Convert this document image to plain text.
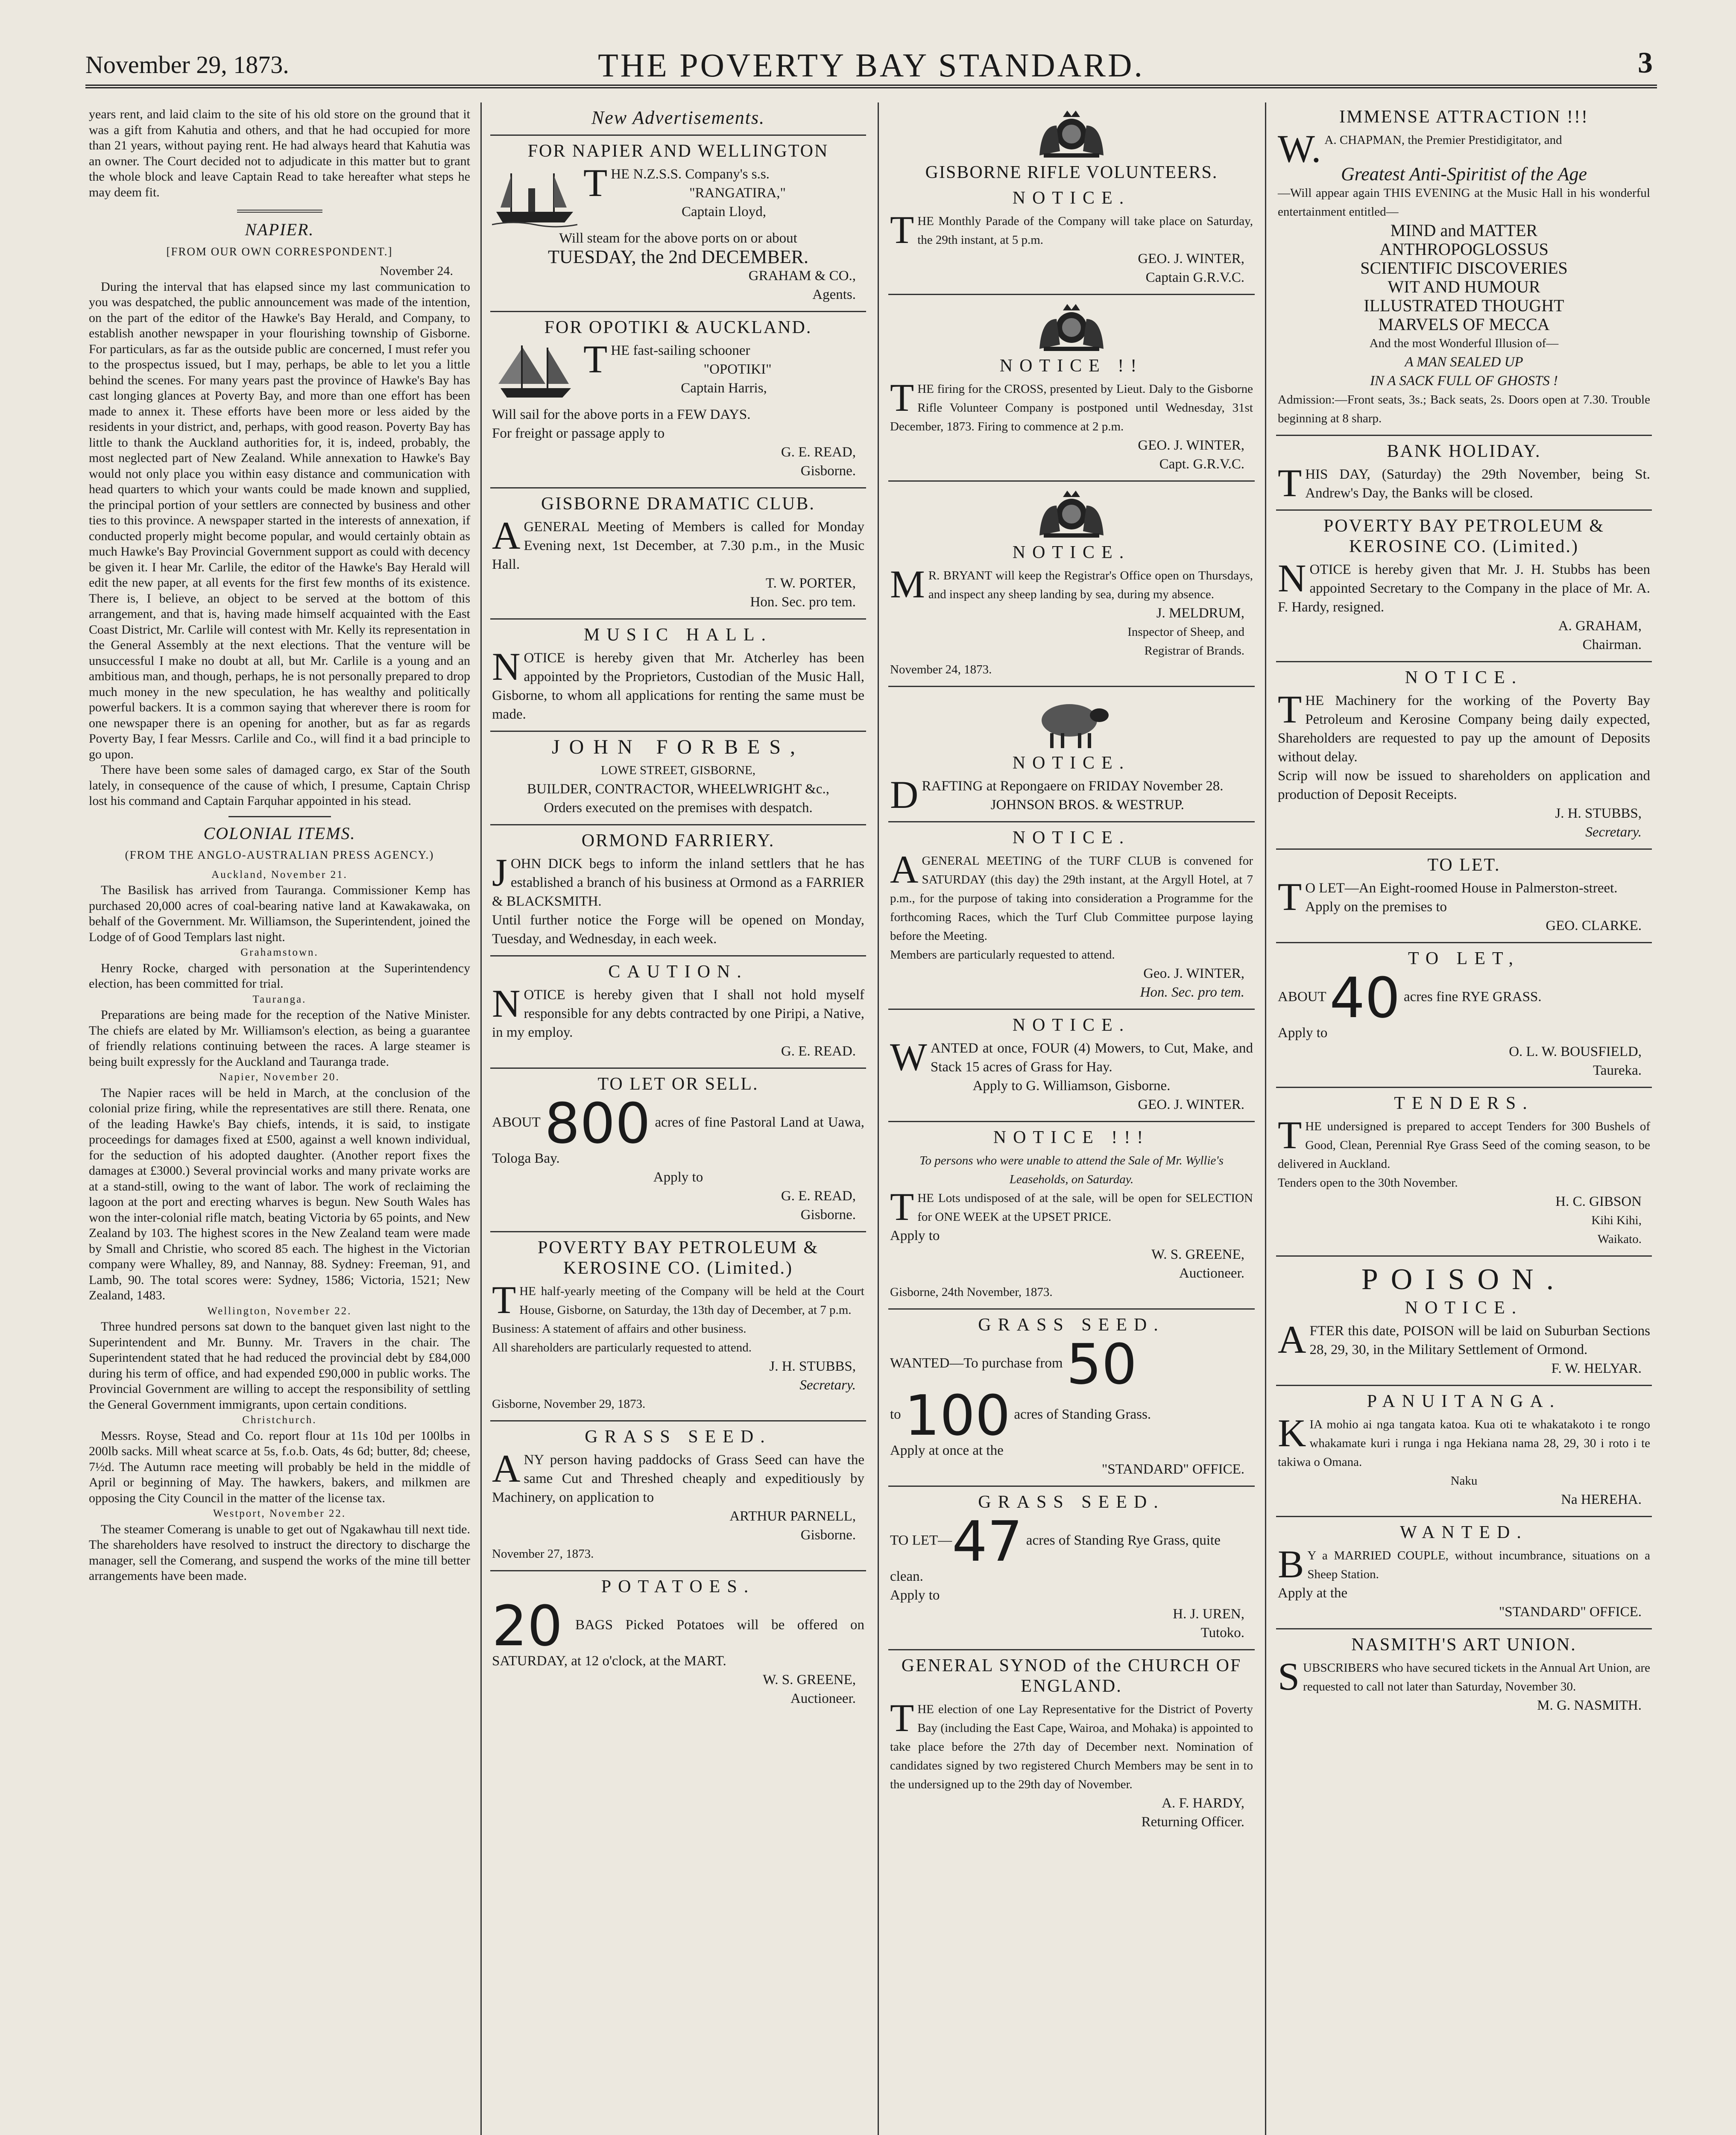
November 29, 1873.	THE POVERTY BAY STANDARD.	3

years rent, and laid claim to the site of his old store on the ground that it was a gift from Kahutia and others, and that he had occupied for more than 21 years, without paying rent. He had always heard that Kahutia was an owner. The Court decided not to adjudicate in this matter but to grant the whole block and leave Captain Read to take hereafter what steps he may deem fit.

NAPIER.
[FROM OUR OWN CORRESPONDENT.]
November 24.

During the interval that has elapsed since my last communication to you was despatched, the public announcement was made of the intention, on the part of the editor of the Hawke's Bay Herald, and Company, to establish another newspaper in your flourishing township of Gisborne. For particulars, as far as the outside public are concerned, I must refer you to the prospectus issued, but I may, perhaps, be able to let you a little behind the scenes. For many years past the province of Hawke's Bay has cast longing glances at Poverty Bay, and more than one effort has been made to annex it. These efforts have been more or less aided by the residents in your district, and, perhaps, with good reason. Poverty Bay has little to thank the Auckland authorities for, it is, indeed, probably, the most neglected part of New Zealand. While annexation to Hawke's Bay would not only place you within easy distance and communication with head quarters to which your wants could be made known and supplied, the principal portion of your settlers are connected by business and other ties to this province. A newspaper started in the interests of annexation, if conducted properly might become popular, and would certainly obtain as much Hawke's Bay Provincial Government support as could with decency be given it. I hear Mr. Carlile, the editor of the Hawke's Bay Herald will edit the new paper, at all events for the first few months of its existence. There is, I believe, an object to be served at the bottom of this arrangement, and that is, having made himself acquainted with the East Coast District, Mr. Carlile will contest with Mr. Kelly its representation in the General Assembly at the next elections. That the venture will be unsuccessful I make no doubt at all, but Mr. Carlile is a young and an ambitious man, and though, perhaps, he is not personally prepared to drop much money in the new speculation, he has wealthy and politically powerful backers. It is a common saying that wherever there is room for one newspaper there is an opening for another, but as far as regards Poverty Bay, I fear Messrs. Carlile and Co., will find it a bad principle to go upon.

There have been some sales of damaged cargo, ex Star of the South lately, in consequence of the cause of which, I presume, Captain Chrisp lost his command and Captain Farquhar appointed in his stead.

COLONIAL ITEMS.
(FROM THE ANGLO-AUSTRALIAN PRESS AGENCY.)
Auckland, November 21.

The Basilisk has arrived from Tauranga. Commissioner Kemp has purchased 20,000 acres of coal-bearing native land at Kawakawaka, on behalf of the Government. Mr. Williamson, the Superintendent, joined the Lodge of of Good Templars last night.

Grahamstown.

Henry Rocke, charged with personation at the Superintendency election, has been committed for trial.

Tauranga.

Preparations are being made for the reception of the Native Minister. The chiefs are elated by Mr. Williamson's election, as being a guarantee of friendly relations continuing between the races. A large steamer is being built expressly for the Auckland and Tauranga trade.

Napier, November 20.

The Napier races will be held in March, at the conclusion of the colonial prize firing, while the representatives are still there. Renata, one of the leading Hawke's Bay chiefs, intends, it is said, to instigate proceedings for damages fixed at £500, against a well known individual, for the seduction of his adopted daughter. (Another report fixes the damages at £3000.) Several provincial works and many private works are at a stand-still, owing to the want of labor. The work of reclaiming the lagoon at the port and erecting wharves is begun. New South Wales has won the inter-colonial rifle match, beating Victoria by 65 points, and New Zealand by 103. The highest scores in the New Zealand team were made by Small and Christie, who scored 85 each. The highest in the Victorian company were Whalley, 89, and Nannay, 88. Sydney: Freeman, 91, and Lamb, 90. The total scores were: Sydney, 1586; Victoria, 1521; New Zealand, 1483.

Wellington, November 22.

Three hundred persons sat down to the banquet given last night to the Superintendent and Mr. Bunny. Mr. Travers in the chair. The Superintendent stated that he had reduced the provincial debt by £84,000 during his term of office, and had expended £90,000 in public works. The Provincial Government are willing to accept the responsibility of settling the General Government immigrants, upon certain conditions.

Christchurch.

Messrs. Royse, Stead and Co. report flour at 11s 10d per 100lbs in 200lb sacks. Mill wheat scarce at 5s, f.o.b. Oats, 4s 6d; butter, 8d; cheese, 7½d. The Autumn race meeting will probably be held in the middle of April or beginning of May. The hawkers, bakers, and milkmen are opposing the City Council in the matter of the license tax.

Westport, November 22.

The steamer Comerang is unable to get out of Ngakawhau till next tide. The shareholders have resolved to instruct the directory to discharge the manager, sell the Comerang, and suspend the works of the mine till better arrangements have been made.

New Advertisements.
FOR NAPIER AND WELLINGTON
THE N.Z.S.S. Company's s.s.
"RANGATIRA,"
Captain Lloyd,
Will steam for the above ports on or about
TUESDAY, the 2nd DECEMBER.
GRAHAM & CO.,
Agents.
FOR OPOTIKI & AUCKLAND.
THE fast-sailing schooner
"OPOTIKI"
Captain Harris,
Will sail for the above ports in a FEW DAYS.
For freight or passage apply to
G. E. READ,
Gisborne.
GISBORNE DRAMATIC CLUB.
AGENERAL Meeting of Members is called for Monday Evening next, 1st December, at 7.30 p.m., in the Music Hall.
T. W. PORTER,
Hon. Sec. pro tem.
MUSIC HALL.
NOTICE is hereby given that Mr. Atcherley has been appointed by the Proprietors, Custodian of the Music Hall, Gisborne, to whom all applications for renting the same must be made.
JOHN FORBES,
LOWE STREET, GISBORNE,
BUILDER, CONTRACTOR, WHEELWRIGHT &c.,
Orders executed on the premises with despatch.
ORMOND FARRIERY.
JOHN DICK begs to inform the inland settlers that he has established a branch of his business at Ormond as a FARRIER & BLACKSMITH.
Until further notice the Forge will be opened on Monday, Tuesday, and Wednesday, in each week.
CAUTION.
NOTICE is hereby given that I shall not hold myself responsible for any debts contracted by one Piripi, a Native, in my employ.
G. E. READ.
TO LET OR SELL.
ABOUT 800 acres of fine Pastoral Land at Uawa, Tologa Bay.
Apply to
G. E. READ,
Gisborne.
POVERTY BAY PETROLEUM & KEROSINE CO. (Limited.)
THE half-yearly meeting of the Company will be held at the Court House, Gisborne, on Saturday, the 13th day of December, at 7 p.m.
Business: A statement of affairs and other business.
All shareholders are particularly requested to attend.
J. H. STUBBS,
Secretary.
Gisborne, November 29, 1873.
GRASS SEED.
ANY person having paddocks of Grass Seed can have the same Cut and Threshed cheaply and expeditiously by Machinery, on application to
ARTHUR PARNELL,
Gisborne.
November 27, 1873.
POTATOES.
20 BAGS Picked Potatoes will be offered on SATURDAY, at 12 o'clock, at the MART.
W. S. GREENE,
Auctioneer.
GISBORNE RIFLE VOLUNTEERS.
NOTICE.
THE Monthly Parade of the Company will take place on Saturday, the 29th instant, at 5 p.m.
GEO. J. WINTER,
Captain G.R.V.C.
NOTICE !!
THE firing for the CROSS, presented by Lieut. Daly to the Gisborne Rifle Volunteer Company is postponed until Wednesday, 31st December, 1873. Firing to commence at 2 p.m.
GEO. J. WINTER,
Capt. G.R.V.C.
NOTICE.
MR. BRYANT will keep the Registrar's Office open on Thursdays, and inspect any sheep landing by sea, during my absence.
J. MELDRUM,
Inspector of Sheep, and
Registrar of Brands.
November 24, 1873.
NOTICE.
DRAFTING at Repongaere on FRIDAY November 28.
JOHNSON BROS. & WESTRUP.
NOTICE.
AGENERAL MEETING of the TURF CLUB is convened for SATURDAY (this day) the 29th instant, at the Argyll Hotel, at 7 p.m., for the purpose of taking into consideration a Programme for the forthcoming Races, which the Turf Club Committee purpose laying before the Meeting.
Members are particularly requested to attend.
Geo. J. WINTER,
Hon. Sec. pro tem.
NOTICE.
WANTED at once, FOUR (4) Mowers, to Cut, Make, and Stack 15 acres of Grass for Hay.
Apply to G. Williamson, Gisborne.
GEO. J. WINTER.
NOTICE !!!
To persons who were unable to attend the Sale of Mr. Wyllie's Leaseholds, on Saturday.
THE Lots undisposed of at the sale, will be open for SELECTION for ONE WEEK at the UPSET PRICE.
Apply to
W. S. GREENE,
Auctioneer.
Gisborne, 24th November, 1873.
GRASS SEED.
WANTED—To purchase from 50
to 100 acres of Standing Grass.
Apply at once at the
"STANDARD" OFFICE.
GRASS SEED.
TO LET—47 acres of Standing Rye Grass, quite clean.
Apply to
H. J. UREN,
Tutoko.
GENERAL SYNOD of the CHURCH OF ENGLAND.
THE election of one Lay Representative for the District of Poverty Bay (including the East Cape, Wairoa, and Mohaka) is appointed to take place before the 27th day of December next. Nomination of candidates signed by two registered Church Members may be sent in to the undersigned up to the 29th day of November.
A. F. HARDY,
Returning Officer.
IMMENSE ATTRACTION !!!
W.A. CHAPMAN, the Premier Prestidigitator, and
Greatest Anti-Spiritist of the Age
—Will appear again THIS EVENING at the Music Hall in his wonderful entertainment entitled—
MIND and MATTER
ANTHROPOGLOSSUS
SCIENTIFIC DISCOVERIES
WIT AND HUMOUR
ILLUSTRATED THOUGHT
MARVELS OF MECCA
And the most Wonderful Illusion of—
A MAN SEALED UP
IN A SACK FULL OF GHOSTS !
Admission:—Front seats, 3s.; Back seats, 2s. Doors open at 7.30. Trouble beginning at 8 sharp.
BANK HOLIDAY.
THIS DAY, (Saturday) the 29th November, being St. Andrew's Day, the Banks will be closed.
POVERTY BAY PETROLEUM & KEROSINE CO. (Limited.)
NOTICE is hereby given that Mr. J. H. Stubbs has been appointed Secretary to the Company in the place of Mr. A. F. Hardy, resigned.
A. GRAHAM,
Chairman.
NOTICE.
THE Machinery for the working of the Poverty Bay Petroleum and Kerosine Company being daily expected, Shareholders are requested to pay up the amount of Deposits without delay.
Scrip will now be issued to shareholders on application and production of Deposit Receipts.
J. H. STUBBS,
Secretary.
TO LET.
TO LET—An Eight-roomed House in Palmerston-street.
Apply on the premises to
GEO. CLARKE.
TO LET,
ABOUT 40 acres fine RYE GRASS.
Apply to
O. L. W. BOUSFIELD,
Taureka.
TENDERS.
THE undersigned is prepared to accept Tenders for 300 Bushels of Good, Clean, Perennial Rye Grass Seed of the coming season, to be delivered in Auckland.
Tenders open to the 30th November.
H. C. GIBSON
Kihi Kihi,
Waikato.
POISON.
NOTICE.
AFTER this date, POISON will be laid on Suburban Sections 28, 29, 30, in the Military Settlement of Ormond.
F. W. HELYAR.
PANUITANGA.
KIA mohio ai nga tangata katoa. Kua oti te whakatakoto i te rongo whakamate kuri i runga i nga Hekiana nama 28, 29, 30 i roto i te takiwa o Omana.
Naku
Na HEREHA.
WANTED.
BY a MARRIED COUPLE, without incumbrance, situations on a Sheep Station.
Apply at the
"STANDARD" OFFICE.
NASMITH'S ART UNION.
SUBSCRIBERS who have secured tickets in the Annual Art Union, are requested to call not later than Saturday, November 30.
M. G. NASMITH.
